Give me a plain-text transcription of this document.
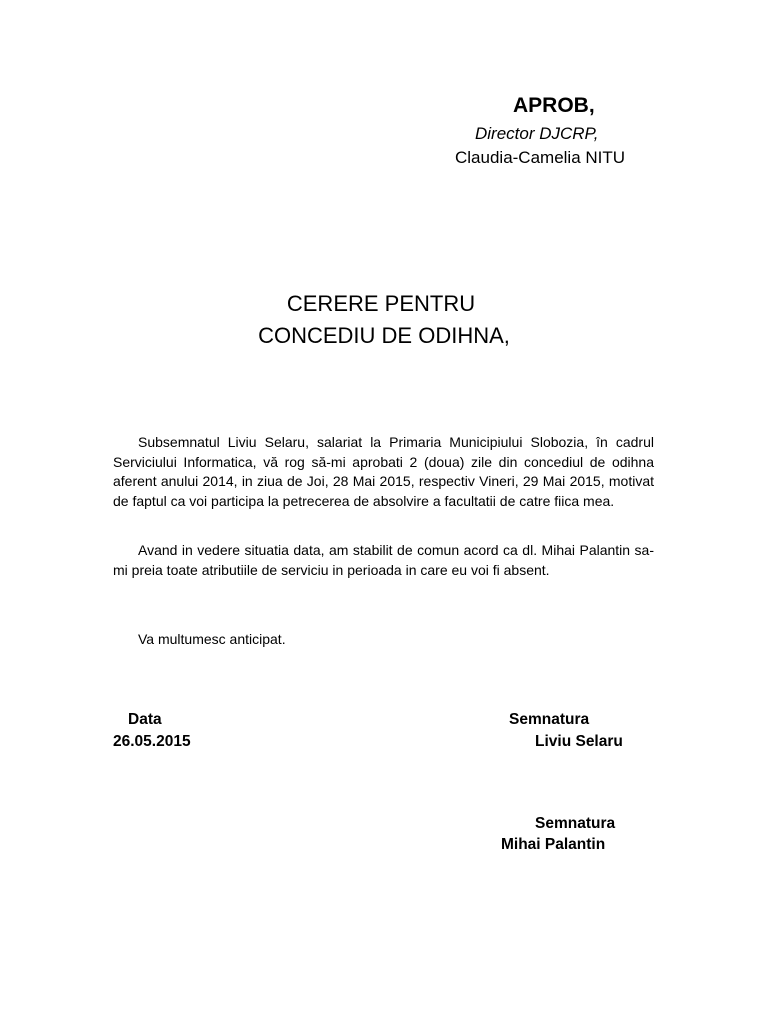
APROB,

Director DJCRP,

Claudia-Camelia NITU

CERERE PENTRU

CONCEDIU DE ODIHNA,

Subsemnatul Liviu Selaru, salariat la Primaria Municipiului Slobozia, în cadrul Serviciului Informatica, vă rog să-mi aprobati 2 (doua) zile din concediul de odihna aferent anului 2014, in ziua de Joi, 28 Mai 2015, respectiv Vineri, 29 Mai 2015, motivat de faptul ca voi participa la petrecerea de absolvire a facultatii de catre fiica mea.

Avand in vedere situatia data, am stabilit de comun acord ca dl. Mihai Palantin sa-mi preia toate atributiile de serviciu in perioada in care eu voi fi absent.

Va multumesc anticipat.

Data

26.05.2015

Semnatura

Liviu Selaru

Semnatura

Mihai Palantin
